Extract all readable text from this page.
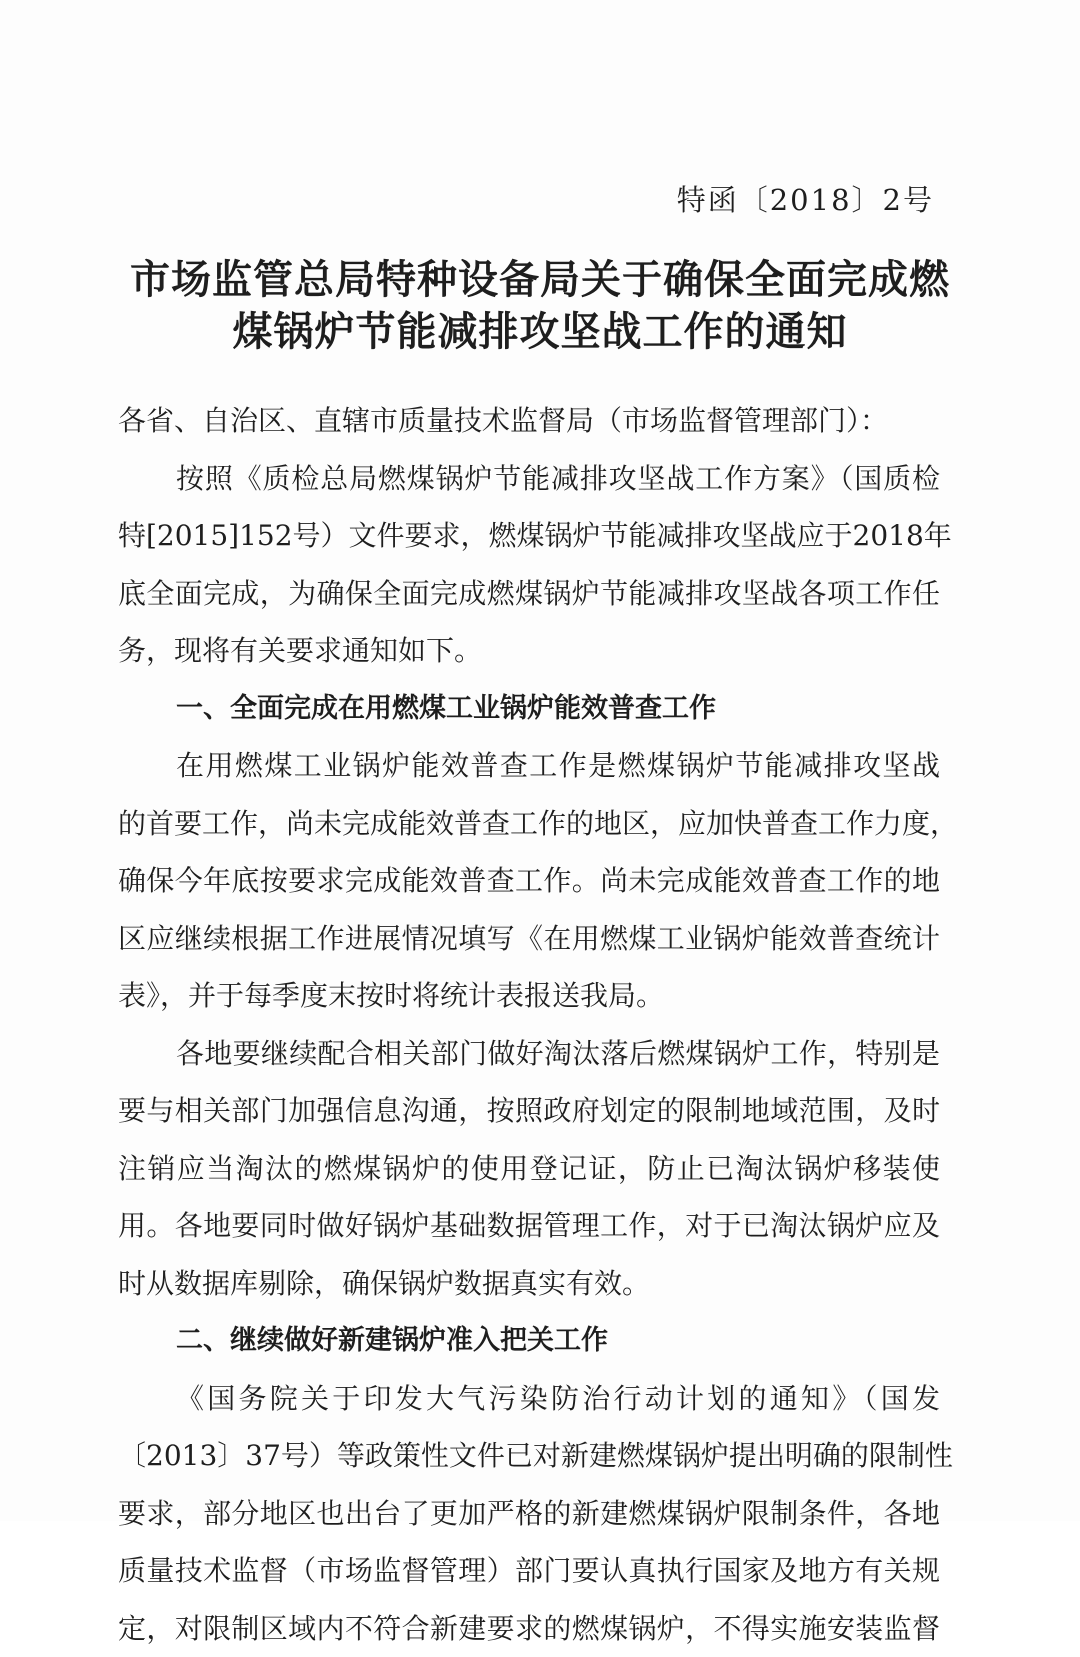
特函〔2018〕2号
市场监管总局特种设备局关于确保全面完成燃
煤锅炉节能减排攻坚战工作的通知
各省、自治区、直辖市质量技术监督局（市场监督管理部门）：
按照《质检总局燃煤锅炉节能减排攻坚战工作方案》（国质检
特[2015]152号）文件要求，燃煤锅炉节能减排攻坚战应于2018年
底全面完成，为确保全面完成燃煤锅炉节能减排攻坚战各项工作任
务，现将有关要求通知如下。
一、全面完成在用燃煤工业锅炉能效普查工作
在用燃煤工业锅炉能效普查工作是燃煤锅炉节能减排攻坚战
的首要工作，尚未完成能效普查工作的地区，应加快普查工作力度，
确保今年底按要求完成能效普查工作。尚未完成能效普查工作的地
区应继续根据工作进展情况填写《在用燃煤工业锅炉能效普查统计
表》，并于每季度末按时将统计表报送我局。
各地要继续配合相关部门做好淘汰落后燃煤锅炉工作，特别是
要与相关部门加强信息沟通，按照政府划定的限制地域范围，及时
注销应当淘汰的燃煤锅炉的使用登记证，防止已淘汰锅炉移装使
用。各地要同时做好锅炉基础数据管理工作，对于已淘汰锅炉应及
时从数据库剔除，确保锅炉数据真实有效。
二、继续做好新建锅炉准入把关工作
《国务院关于印发大气污染防治行动计划的通知》（国发
〔2013〕37号）等政策性文件已对新建燃煤锅炉提出明确的限制性
要求，部分地区也出台了更加严格的新建燃煤锅炉限制条件，各地
质量技术监督（市场监督管理）部门要认真执行国家及地方有关规
定，对限制区域内不符合新建要求的燃煤锅炉，不得实施安装监督
